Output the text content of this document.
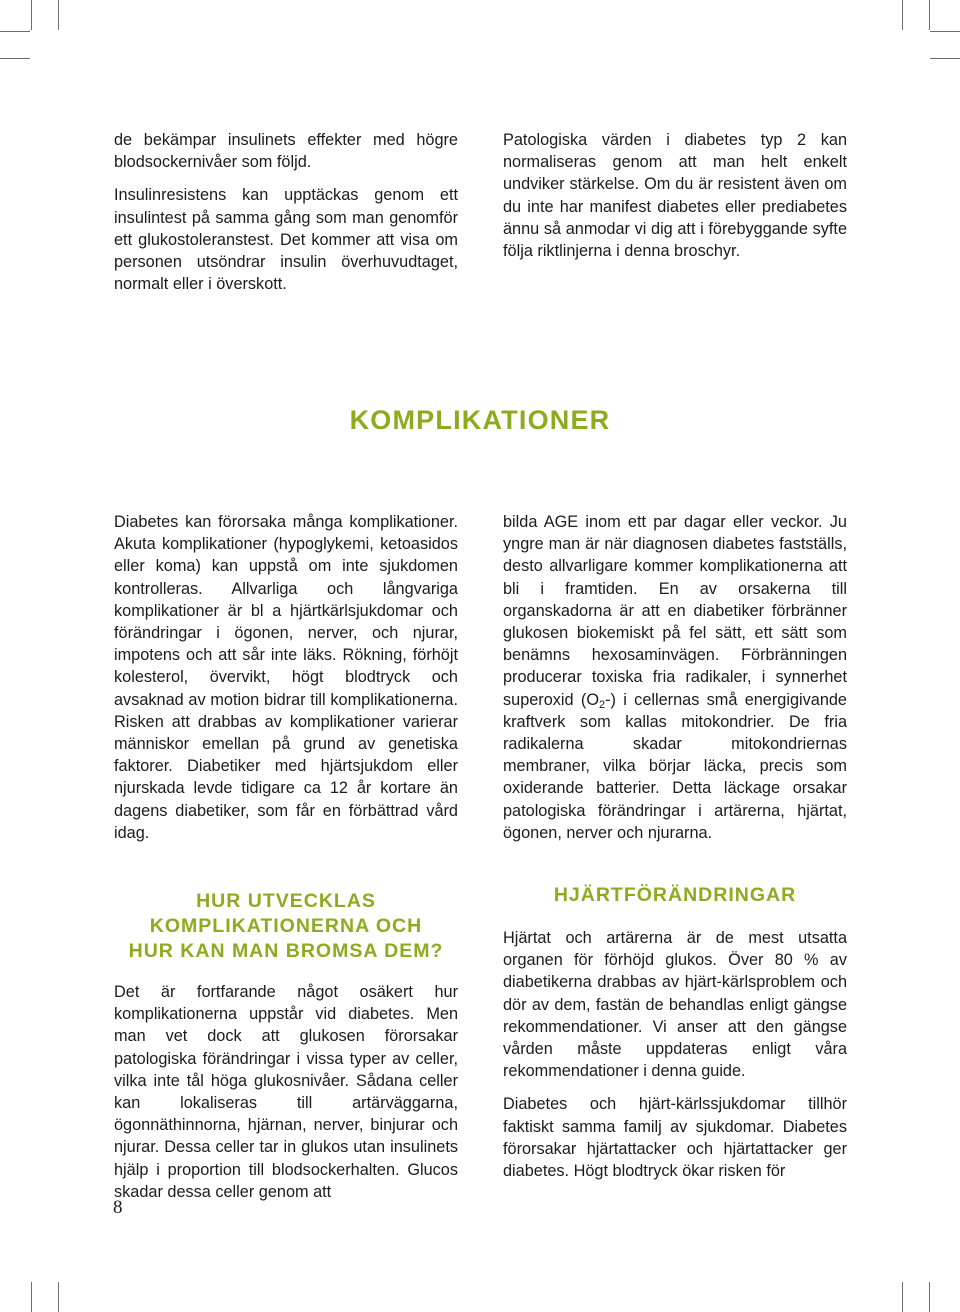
de bekämpar insulinets effekter med högre blodsockernivåer som följd.

Insulinresistens kan upptäckas genom ett insulintest på samma gång som man genomför ett glukostoleranstest. Det kommer att visa om personen utsöndrar insulin överhuvudtaget, normalt eller i överskott.

Patologiska värden i diabetes typ 2 kan normaliseras genom att man helt enkelt undviker stärkelse. Om du är resistent även om du inte har manifest diabetes eller prediabetes ännu så anmodar vi dig att i förebyggande syfte följa riktlinjerna i denna broschyr.

KOMPLIKATIONER

Diabetes kan förorsaka många komplikationer. Akuta komplikationer (hypoglykemi, ketoasidos eller koma) kan uppstå om inte sjukdomen kontrolleras. Allvarliga och långvariga komplikationer är bl a hjärtkärlsjukdomar och förändringar i ögonen, nerver, och njurar, impotens och att sår inte läks. Rökning, förhöjt kolesterol, övervikt, högt blodtryck och avsaknad av motion bidrar till komplikationerna. Risken att drabbas av komplikationer varierar människor emellan på grund av genetiska faktorer. Diabetiker med hjärtsjukdom eller njurskada levde tidigare ca 12 år kortare än dagens diabetiker, som får en förbättrad vård idag.

HUR UTVECKLAS
KOMPLIKATIONERNA OCH
HUR KAN MAN BROMSA DEM?

Det är fortfarande något osäkert hur komplikationerna uppstår vid diabetes. Men man vet dock att glukosen förorsakar patologiska förändringar i vissa typer av celler, vilka inte tål höga glukosnivåer. Sådana celler kan lokaliseras till artärväggarna, ögonnäthinnorna, hjärnan, nerver, binjurar och njurar. Dessa celler tar in glukos utan insulinets hjälp i proportion till blodsockerhalten. Glucos skadar dessa celler genom att

bilda AGE inom ett par dagar eller veckor. Ju yngre man är när diagnosen diabetes fastställs, desto allvarligare kommer komplikationerna att bli i framtiden. En av orsakerna till organskadorna är att en diabetiker förbränner glukosen biokemiskt på fel sätt, ett sätt som benämns hexosaminvägen. Förbränningen producerar toxiska fria radikaler, i synnerhet superoxid $(O_2-)$ i cellernas små energigivande kraftverk som kallas mitokondrier. De fria radikalerna skadar mitokondriernas membraner, vilka börjar läcka, precis som oxiderande batterier. Detta läckage orsakar patologiska förändringar i artärerna, hjärtat, ögonen, nerver och njurarna.

HJÄRTFÖRÄNDRINGAR

Hjärtat och artärerna är de mest utsatta organen för förhöjd glukos. Över 80 % av diabetikerna drabbas av hjärt-kärlsproblem och dör av dem, fastän de behandlas enligt gängse rekommendationer. Vi anser att den gängse vården måste uppdateras enligt våra rekommendationer i denna guide.

Diabetes och hjärt-kärlssjukdomar tillhör faktiskt samma familj av sjukdomar. Diabetes förorsakar hjärtattacker och hjärtattacker ger diabetes. Högt blodtryck ökar risken för

8
